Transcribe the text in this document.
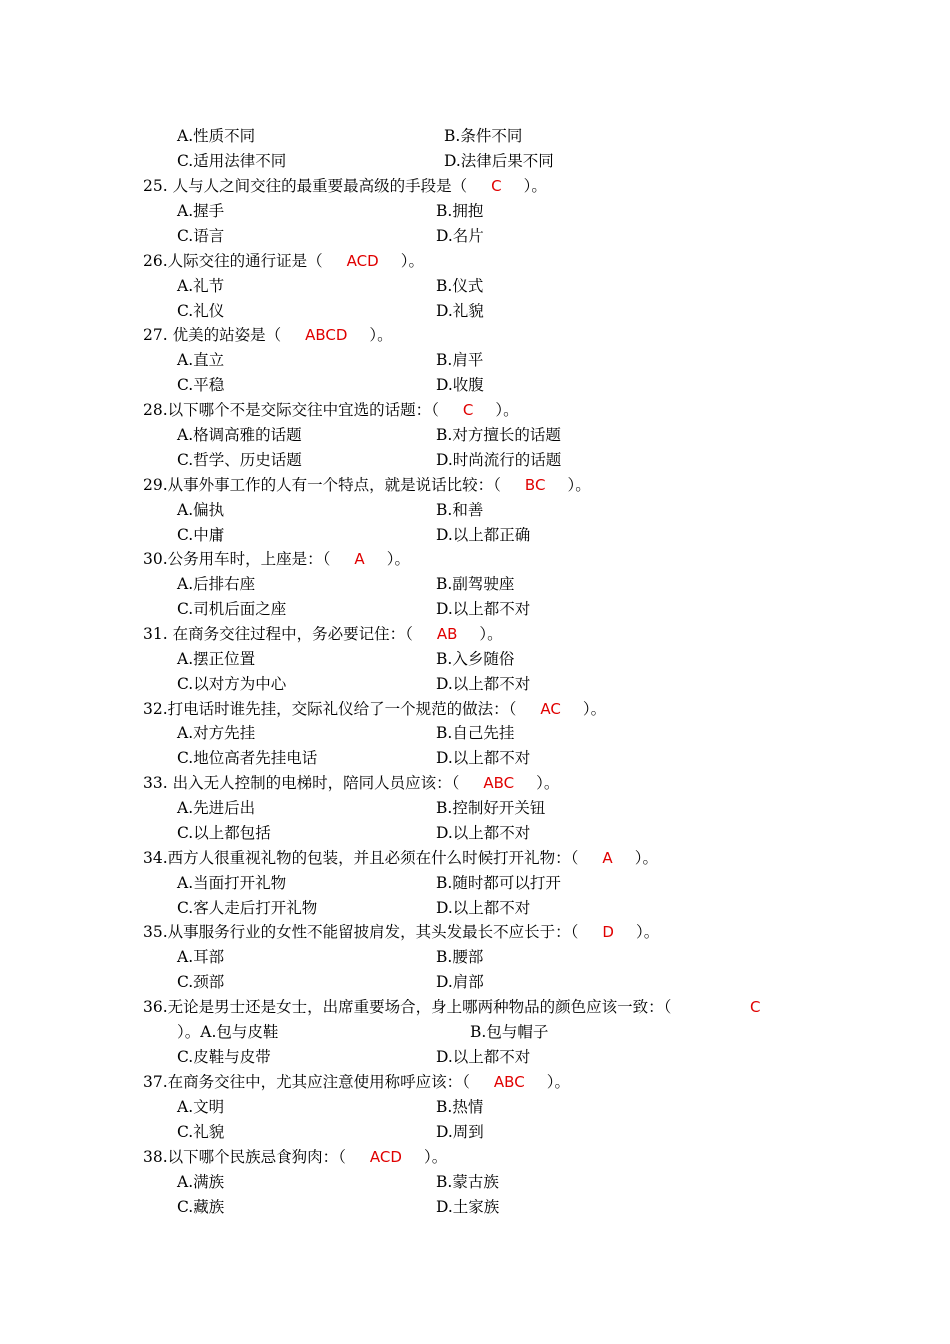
A.性质不同	B.条件不同
C.适用法律不同	D.法律后果不同
25. 人与人之间交往的最重要最高级的手段是（ C ）。
A.握手	B.拥抱
C.语言	D.名片
26.人际交往的通行证是（ ACD ）。
A.礼节	B.仪式
C.礼仪	D.礼貌
27. 优美的站姿是（ ABCD ）。
A.直立	B.肩平
C.平稳	D.收腹
28.以下哪个不是交际交往中宜选的话题：（ C ）。
A.格调高雅的话题	B.对方擅长的话题
C.哲学、历史话题	D.时尚流行的话题
29.从事外事工作的人有一个特点，就是说话比较：（ BC ）。
A.偏执	B.和善
C.中庸	D.以上都正确
30.公务用车时，上座是：（ A ）。
A.后排右座	B.副驾驶座
C.司机后面之座	D.以上都不对
31. 在商务交往过程中，务必要记住：（ AB ）。
A.摆正位置	B.入乡随俗
C.以对方为中心	D.以上都不对
32.打电话时谁先挂，交际礼仪给了一个规范的做法：（ AC ）。
A.对方先挂	B.自己先挂
C.地位高者先挂电话	D.以上都不对
33. 出入无人控制的电梯时，陪同人员应该：（ ABC ）。
A.先进后出	B.控制好开关钮
C.以上都包括	D.以上都不对
34.西方人很重视礼物的包装，并且必须在什么时候打开礼物：（ A ）。
A.当面打开礼物	B.随时都可以打开
C.客人走后打开礼物	D.以上都不对
35.从事服务行业的女性不能留披肩发，其头发最长不应长于：（ D ）。
A.耳部	B.腰部
C.颈部	D.肩部
36.无论是男士还是女士，出席重要场合，身上哪两种物品的颜色应该一致：（	C
）。A.包与皮鞋	B.包与帽子
C.皮鞋与皮带	D.以上都不对
37.在商务交往中，尤其应注意使用称呼应该：（ ABC ）。
A.文明	B.热情
C.礼貌	D.周到
38.以下哪个民族忌食狗肉：（ ACD ）。
A.满族	B.蒙古族
C.藏族	D.土家族
